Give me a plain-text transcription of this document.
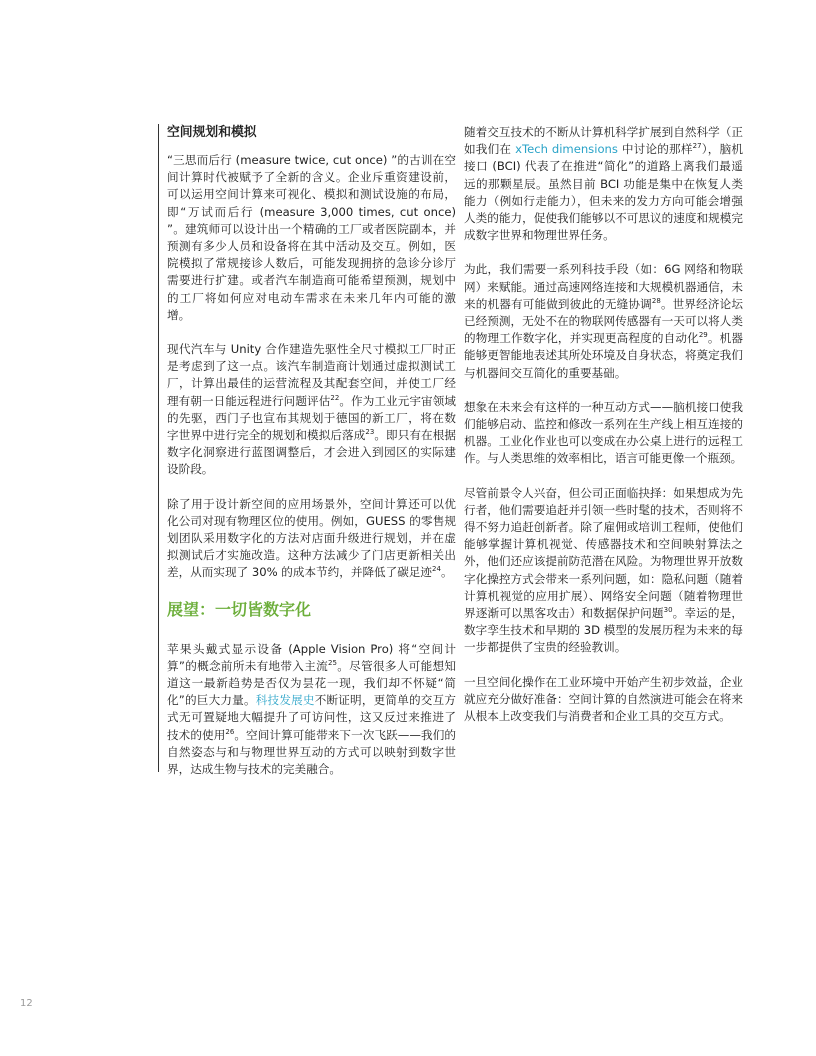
空间规划和模拟

“三思而后行 (measure twice, cut once) ”的古训在空间计算时代被赋予了全新的含义。企业斥重资建设前，可以运用空间计算来可视化、模拟和测试设施的布局，即“万试而后行 (measure 3,000 times, cut once) ”。建筑师可以设计出一个精确的工厂或者医院副本，并预测有多少人员和设备将在其中活动及交互。例如，医院模拟了常规接诊人数后，可能发现拥挤的急诊分诊厅需要进行扩建。或者汽车制造商可能希望预测，规划中的工厂将如何应对电动车需求在未来几年内可能的激增。

现代汽车与 Unity 合作建造先驱性全尺寸模拟工厂时正是考虑到了这一点。该汽车制造商计划通过虚拟测试工厂，计算出最佳的运营流程及其配套空间，并使工厂经理有朝一日能远程进行问题评估$^{22}$。作为工业元宇宙领域的先驱，西门子也宣布其规划于德国的新工厂，将在数字世界中进行完全的规划和模拟后落成$^{23}$。即只有在根据数字化洞察进行蓝图调整后，才会进入到园区的实际建设阶段。

除了用于设计新空间的应用场景外，空间计算还可以优化公司对现有物理区位的使用。例如，GUESS 的零售规划团队采用数字化的方法对店面升级进行规划，并在虚拟测试后才实施改造。这种方法减少了门店更新相关出差，从而实现了 30% 的成本节约，并降低了碳足迹$^{24}$。

展望：一切皆数字化

苹果头戴式显示设备 (Apple Vision Pro) 将“空间计算”的概念前所未有地带入主流$^{25}$。尽管很多人可能想知道这一最新趋势是否仅为昙花一现，我们却不怀疑“简化”的巨大力量。科技发展史不断证明，更简单的交互方式无可置疑地大幅提升了可访问性，这又反过来推进了技术的使用$^{26}$。空间计算可能带来下一次飞跃——我们的自然姿态与和与物理世界互动的方式可以映射到数字世界，达成生物与技术的完美融合。

随着交互技术的不断从计算机科学扩展到自然科学（正如我们在 xTech dimensions 中讨论的那样$^{27}$），脑机接口 (BCI) 代表了在推进“简化”的道路上离我们最遥远的那颗星辰。虽然目前 BCI 功能是集中在恢复人类能力（例如行走能力），但未来的发力方向可能会增强人类的能力，促使我们能够以不可思议的速度和规模完成数字世界和物理世界任务。

为此，我们需要一系列科技手段（如：6G 网络和物联网）来赋能。通过高速网络连接和大规模机器通信，未来的机器有可能做到彼此的无缝协调$^{28}$。世界经济论坛已经预测，无处不在的物联网传感器有一天可以将人类的物理工作数字化，并实现更高程度的自动化$^{29}$。机器能够更智能地表述其所处环境及自身状态，将奠定我们与机器间交互简化的重要基础。

想象在未来会有这样的一种互动方式——脑机接口使我们能够启动、监控和修改一系列在生产线上相互连接的机器。工业化作业也可以变成在办公桌上进行的远程工作。与人类思维的效率相比，语言可能更像一个瓶颈。

尽管前景令人兴奋，但公司正面临抉择：如果想成为先行者，他们需要追赶并引领一些时髦的技术，否则将不得不努力追赶创新者。除了雇佣或培训工程师，使他们能够掌握计算机视觉、传感器技术和空间映射算法之外，他们还应该提前防范潜在风险。为物理世界开放数字化操控方式会带来一系列问题，如：隐私问题（随着计算机视觉的应用扩展）、网络安全问题（随着物理世界逐渐可以黑客攻击）和数据保护问题$^{30}$。幸运的是，数字孪生技术和早期的 3D 模型的发展历程为未来的每一步都提供了宝贵的经验教训。

一旦空间化操作在工业环境中开始产生初步效益，企业就应充分做好准备：空间计算的自然演进可能会在将来从根本上改变我们与消费者和企业工具的交互方式。

12
